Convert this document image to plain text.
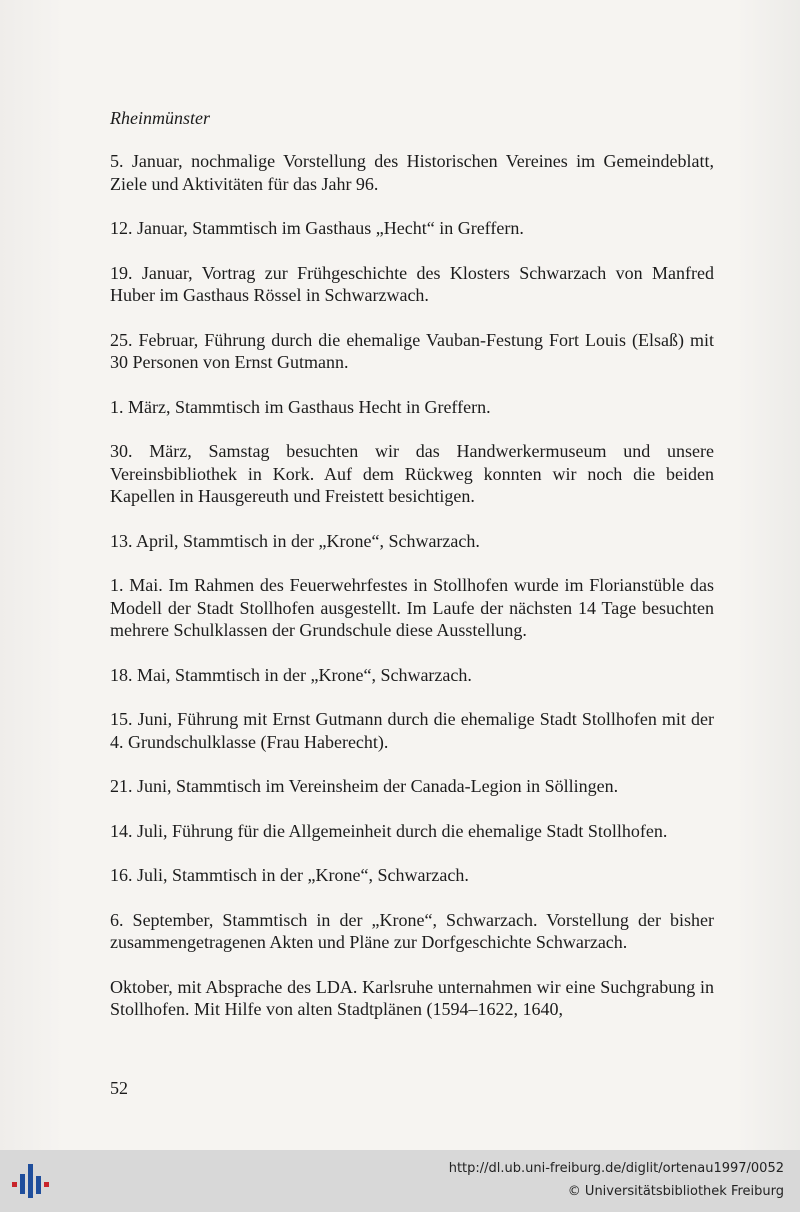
Rheinmünster

5. Januar, nochmalige Vorstellung des Historischen Vereines im Gemeindeblatt, Ziele und Aktivitäten für das Jahr 96.

12. Januar, Stammtisch im Gasthaus „Hecht“ in Greffern.

19. Januar, Vortrag zur Frühgeschichte des Klosters Schwarzach von Manfred Huber im Gasthaus Rössel in Schwarzwach.

25. Februar, Führung durch die ehemalige Vauban-Festung Fort Louis (Elsaß) mit 30 Personen von Ernst Gutmann.

1. März, Stammtisch im Gasthaus Hecht in Greffern.

30. März, Samstag besuchten wir das Handwerkermuseum und unsere Vereinsbibliothek in Kork. Auf dem Rückweg konnten wir noch die beiden Kapellen in Hausgereuth und Freistett besichtigen.

13. April, Stammtisch in der „Krone“, Schwarzach.

1. Mai. Im Rahmen des Feuerwehrfestes in Stollhofen wurde im Florianstüble das Modell der Stadt Stollhofen ausgestellt. Im Laufe der nächsten 14 Tage besuchten mehrere Schulklassen der Grundschule diese Ausstellung.

18. Mai, Stammtisch in der „Krone“, Schwarzach.

15. Juni, Führung mit Ernst Gutmann durch die ehemalige Stadt Stollhofen mit der 4. Grundschulklasse (Frau Haberecht).

21. Juni, Stammtisch im Vereinsheim der Canada-Legion in Söllingen.

14. Juli, Führung für die Allgemeinheit durch die ehemalige Stadt Stollhofen.

16. Juli, Stammtisch in der „Krone“, Schwarzach.

6. September, Stammtisch in der „Krone“, Schwarzach. Vorstellung der bisher zusammengetragenen Akten und Pläne zur Dorfgeschichte Schwarzach.

Oktober, mit Absprache des LDA. Karlsruhe unternahmen wir eine Suchgrabung in Stollhofen. Mit Hilfe von alten Stadtplänen (1594–1622, 1640,

52
http://dl.ub.uni-freiburg.de/diglit/ortenau1997/0052
© Universitätsbibliothek Freiburg
